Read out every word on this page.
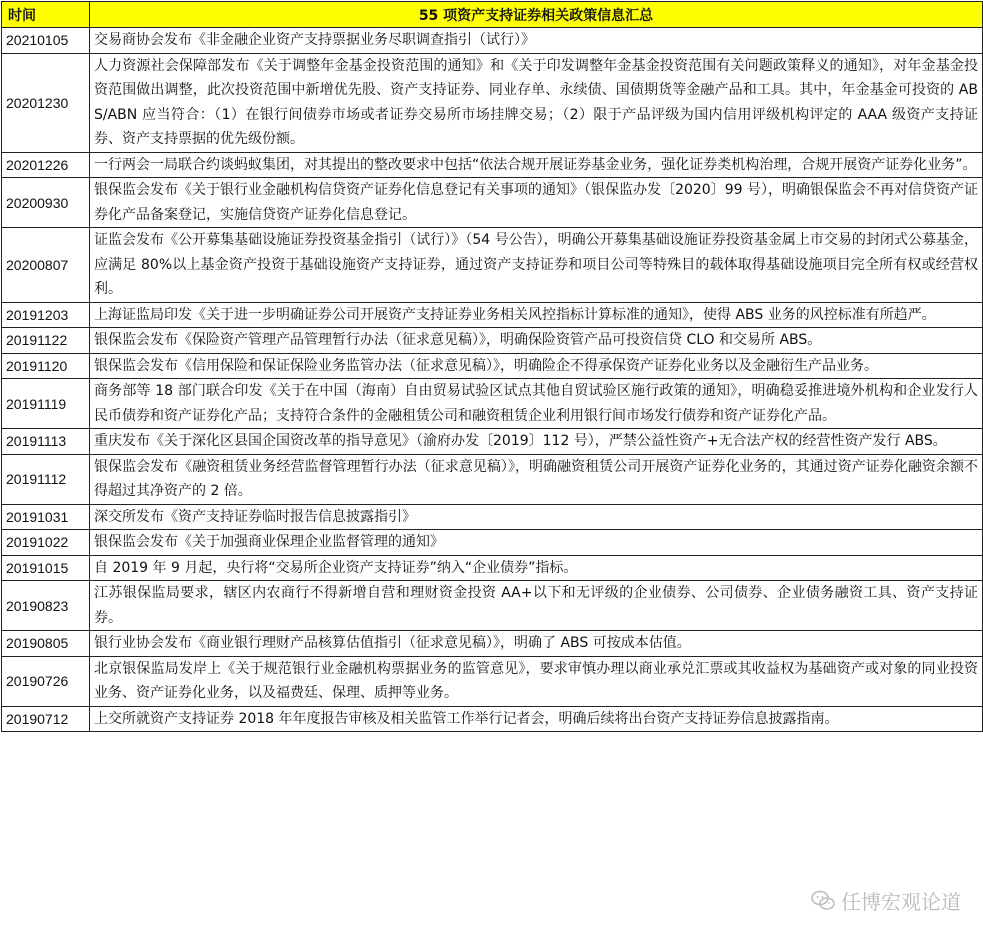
时间	55 项资产支持证券相关政策信息汇总
20210105	交易商协会发布《非金融企业资产支持票据业务尽职调查指引（试行）》
20201230	人力资源社会保障部发布《关于调整年金基金投资范围的通知》和《关于印发调整年金基金投资范围有关问题政策释义的通知》，对年金基金投资范围做出调整，此次投资范围中新增优先股、资产支持证券、同业存单、永续债、国债期货等金融产品和工具。其中，年金基金可投资的 ABS/ABN 应当符合：（1）在银行间债券市场或者证券交易所市场挂牌交易；（2）限于产品评级为国内信用评级机构评定的 AAA 级资产支持证券、资产支持票据的优先级份额。
20201226	一行两会一局联合约谈蚂蚁集团，对其提出的整改要求中包括“依法合规开展证券基金业务，强化证券类机构治理，合规开展资产证券化业务”。
20200930	银保监会发布《关于银行业金融机构信贷资产证券化信息登记有关事项的通知》（银保监办发〔2020〕99 号），明确银保监会不再对信贷资产证券化产品备案登记，实施信贷资产证券化信息登记。
20200807	证监会发布《公开募集基础设施证券投资基金指引（试行）》（54 号公告），明确公开募集基础设施证券投资基金属上市交易的封闭式公募基金，应满足 80%以上基金资产投资于基础设施资产支持证券，通过资产支持证券和项目公司等特殊目的载体取得基础设施项目完全所有权或经营权利。
20191203	上海证监局印发《关于进一步明确证券公司开展资产支持证券业务相关风控指标计算标准的通知》，使得 ABS 业务的风控标准有所趋严。
20191122	银保监会发布《保险资产管理产品管理暂行办法（征求意见稿）》，明确保险资管产品可投资信贷 CLO 和交易所 ABS。
20191120	银保监会发布《信用保险和保证保险业务监管办法（征求意见稿）》，明确险企不得承保资产证券化业务以及金融衍生产品业务。
20191119	商务部等 18 部门联合印发《关于在中国（海南）自由贸易试验区试点其他自贸试验区施行政策的通知》，明确稳妥推进境外机构和企业发行人民币债券和资产证券化产品；支持符合条件的金融租赁公司和融资租赁企业利用银行间市场发行债券和资产证券化产品。
20191113	重庆发布《关于深化区县国企国资改革的指导意见》（渝府办发〔2019〕112 号），严禁公益性资产+无合法产权的经营性资产发行 ABS。
20191112	银保监会发布《融资租赁业务经营监督管理暂行办法（征求意见稿）》，明确融资租赁公司开展资产证券化业务的，其通过资产证券化融资余额不得超过其净资产的 2 倍。
20191031	深交所发布《资产支持证券临时报告信息披露指引》
20191022	银保监会发布《关于加强商业保理企业监督管理的通知》
20191015	自 2019 年 9 月起，央行将“交易所企业资产支持证券”纳入“企业债券”指标。
20190823	江苏银保监局要求，辖区内农商行不得新增自营和理财资金投资 AA+以下和无评级的企业债券、公司债券、企业债务融资工具、资产支持证券。
20190805	银行业协会发布《商业银行理财产品核算估值指引（征求意见稿）》，明确了 ABS 可按成本估值。
20190726	北京银保监局发岸上《关于规范银行业金融机构票据业务的监管意见》，要求审慎办理以商业承兑汇票或其收益权为基础资产或对象的同业投资业务、资产证券化业务，以及福费廷、保理、质押等业务。
20190712	上交所就资产支持证券 2018 年年度报告审核及相关监管工作举行记者会，明确后续将出台资产支持证券信息披露指南。
任博宏观论道
